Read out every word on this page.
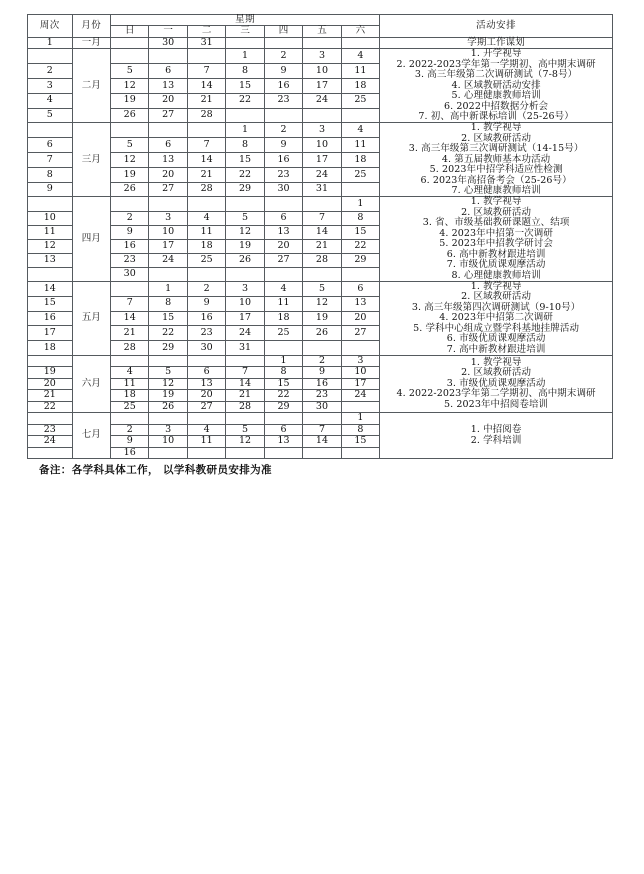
周次	月份	星期							活动安排
		日	一	二	三	四	五	六	
1	一月		30	31					学期工作谋划

	二月				1	2	3	4	1. 开学视导
2. 2022-2023学年第一学期初、高中期末调研
3. 高三年级第二次调研测试（7-8号）
4. 区域教研活动安排
5. 心理健康教师培训
6. 2022中招数据分析会
7. 初、高中新课标培训（25-26号）

2		5	6	7	8	9	10	11	
3		12	13	14	15	16	17	18	
4		19	20	21	22	23	24	25	
5		26	27	28					
	三月				1	2	3	4	1. 教学视导
2. 区域教研活动
3. 高三年级第三次调研测试（14-15号）
4. 第五届教师基本功活动
5. 2023年中招学科适应性检测
6. 2023年高招备考会（25-26号）
7. 心理健康教师培训

6		5	6	7	8	9	10	11	
7		12	13	14	15	16	17	18	
8		19	20	21	22	23	24	25	
9		26	27	28	29	30	31		
	四月							1	1. 教学视导
2. 区域教研活动
3. 省、市级基础教研课题立、结项
4. 2023年中招第一次调研
5. 2023年中招教学研讨会
6. 高中新教材跟进培训
7. 市级优质课观摩活动
8. 心理健康教师培训

10		2	3	4	5	6	7	8	
11		9	10	11	12	13	14	15	
12		16	17	18	19	20	21	22	
13		23	24	25	26	27	28	29	
		30							
14	五月		1	2	3	4	5	6	1. 教学视导
2. 区域教研活动
3. 高三年级第四次调研测试（9-10号）
4. 2023年中招第二次调研
5. 学科中心组成立暨学科基地挂牌活动
6. 市级优质课观摩活动
7. 高中新教材跟进培训

15		7	8	9	10	11	12	13	
16		14	15	16	17	18	19	20	
17		21	22	23	24	25	26	27	
18		28	29	30	31				
	六月					1	2	3	1. 教学视导
2. 区域教研活动
3. 市级优质课观摩活动
4. 2022-2023学年第二学期初、高中期末调研
5. 2023年中招阅卷培训

19		4	5	6	7	8	9	10	
20		11	12	13	14	15	16	17	
21		18	19	20	21	22	23	24	
22		25	26	27	28	29	30		
	七月							1	1. 中招阅卷
2. 学科培训

23		2	3	4	5	6	7	8	
24		9	10	11	12	13	14	15	
		16							
备注：各学科具体工作， 以学科教研员安排为准
